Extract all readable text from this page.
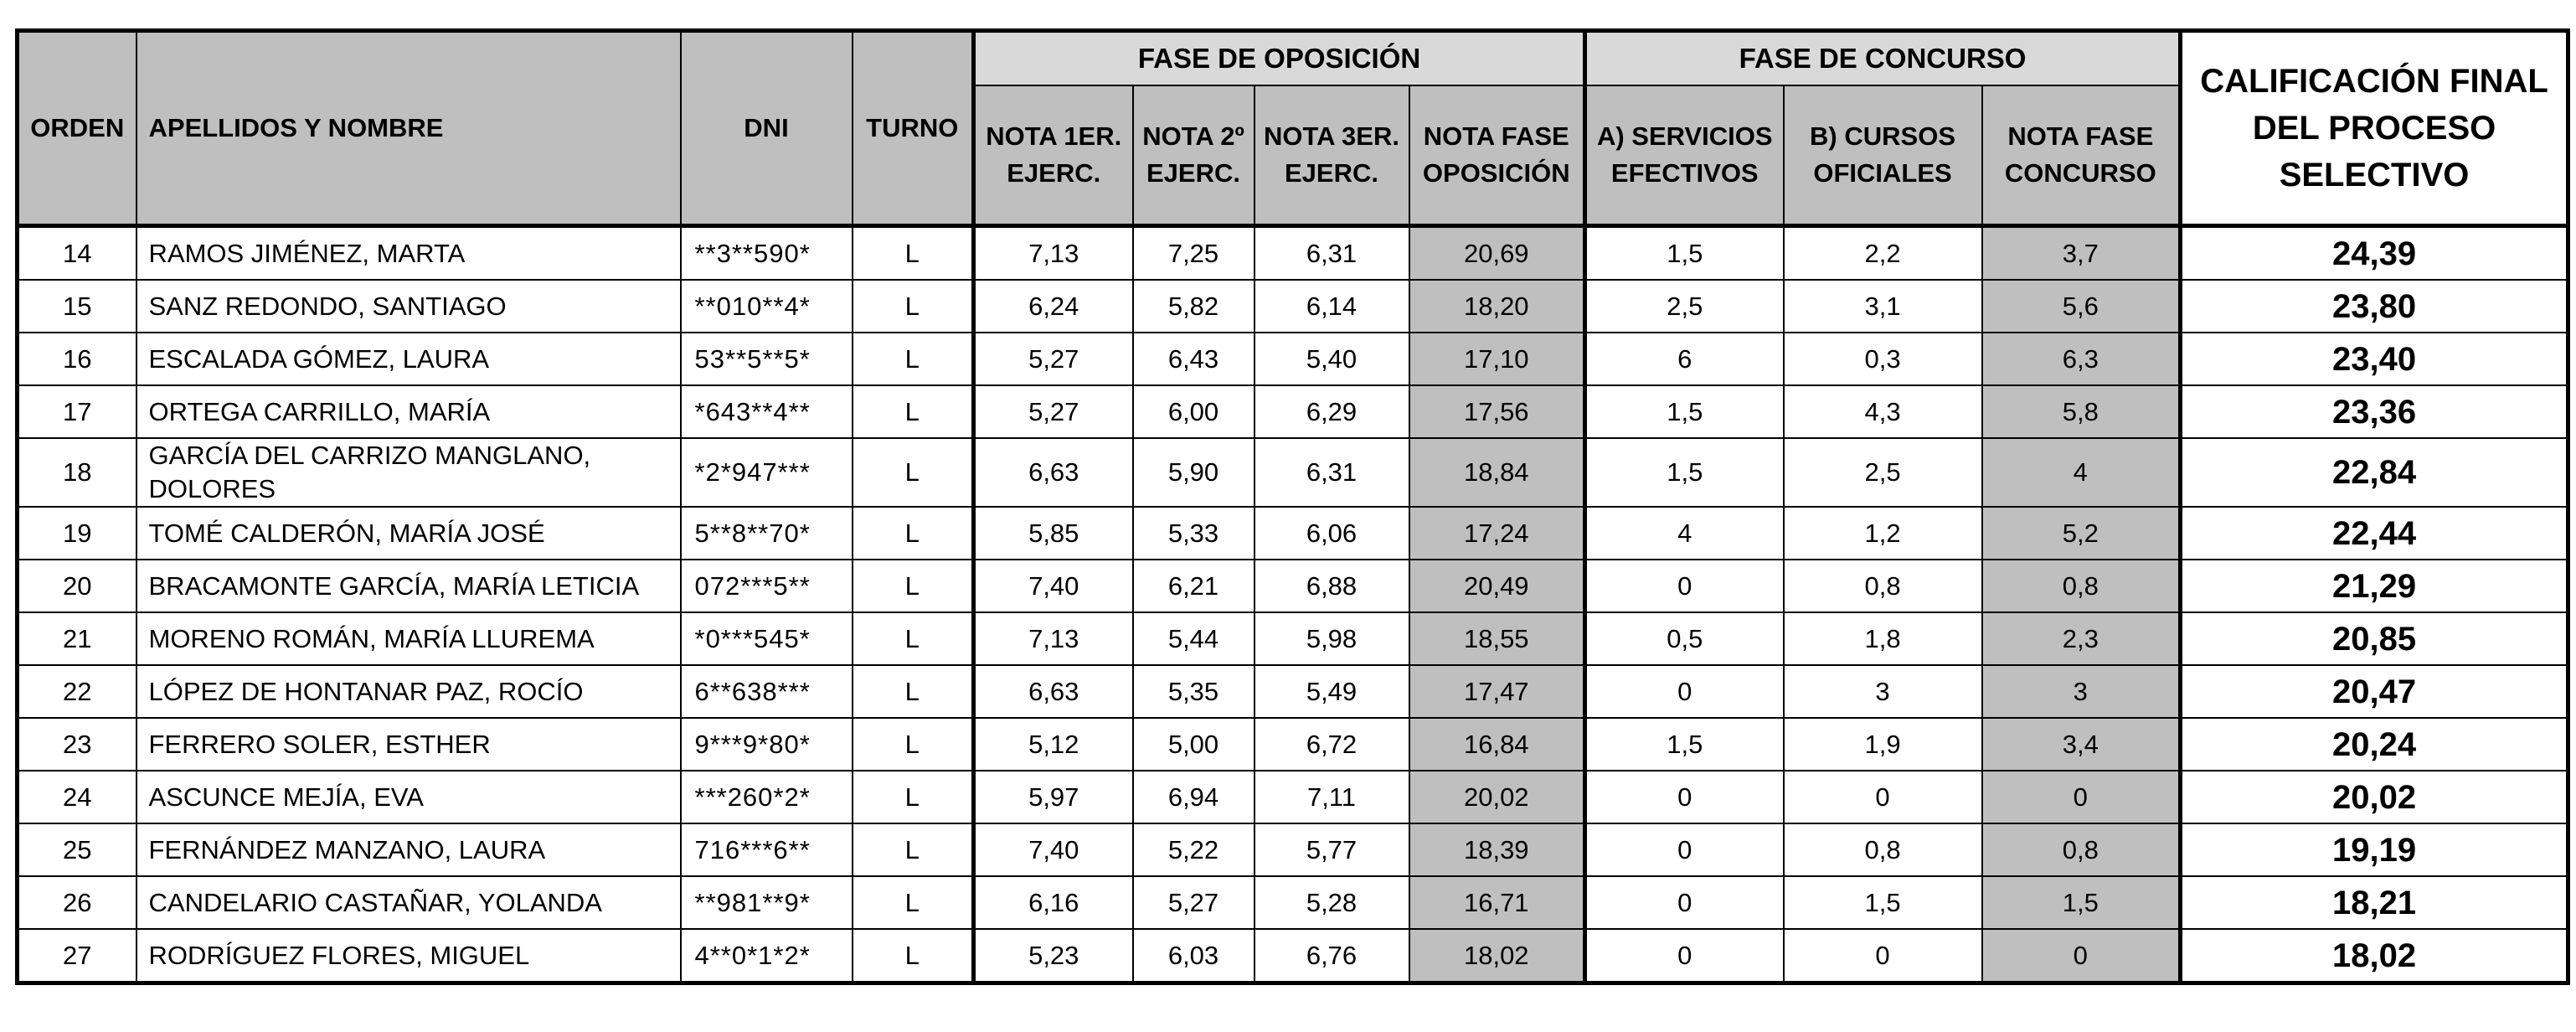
ORDEN	APELLIDOS Y NOMBRE	DNI	TURNO	FASE DE OPOSICIÓN				FASE DE CONCURSO			CALIFICACIÓN FINAL DEL PROCESO SELECTIVO
				NOTA 1ER. EJERC.	NOTA 2º EJERC.	NOTA 3ER. EJERC.	NOTA FASE OPOSICIÓN	A) SERVICIOS EFECTIVOS	B) CURSOS OFICIALES	NOTA FASE CONCURSO	
14	RAMOS JIMÉNEZ, MARTA	**3**590*	L	7,13	7,25	6,31	20,69	1,5	2,2	3,7	24,39
15	SANZ REDONDO, SANTIAGO	**010**4*	L	6,24	5,82	6,14	18,20	2,5	3,1	5,6	23,80
16	ESCALADA GÓMEZ, LAURA	53**5**5*	L	5,27	6,43	5,40	17,10	6	0,3	6,3	23,40
17	ORTEGA CARRILLO, MARÍA	*643**4**	L	5,27	6,00	6,29	17,56	1,5	4,3	5,8	23,36
18	GARCÍA DEL CARRIZO MANGLANO, DOLORES	*2*947***	L	6,63	5,90	6,31	18,84	1,5	2,5	4	22,84
19	TOMÉ CALDERÓN, MARÍA JOSÉ	5**8**70*	L	5,85	5,33	6,06	17,24	4	1,2	5,2	22,44
20	BRACAMONTE GARCÍA, MARÍA LETICIA	072***5**	L	7,40	6,21	6,88	20,49	0	0,8	0,8	21,29
21	MORENO ROMÁN, MARÍA LLUREMA	*0***545*	L	7,13	5,44	5,98	18,55	0,5	1,8	2,3	20,85
22	LÓPEZ DE HONTANAR PAZ, ROCÍO	6**638***	L	6,63	5,35	5,49	17,47	0	3	3	20,47
23	FERRERO SOLER, ESTHER	9***9*80*	L	5,12	5,00	6,72	16,84	1,5	1,9	3,4	20,24
24	ASCUNCE MEJÍA, EVA	***260*2*	L	5,97	6,94	7,11	20,02	0	0	0	20,02
25	FERNÁNDEZ MANZANO, LAURA	716***6**	L	7,40	5,22	5,77	18,39	0	0,8	0,8	19,19
26	CANDELARIO CASTAÑAR, YOLANDA	**981**9*	L	6,16	5,27	5,28	16,71	0	1,5	1,5	18,21
27	RODRÍGUEZ FLORES, MIGUEL	4**0*1*2*	L	5,23	6,03	6,76	18,02	0	0	0	18,02
